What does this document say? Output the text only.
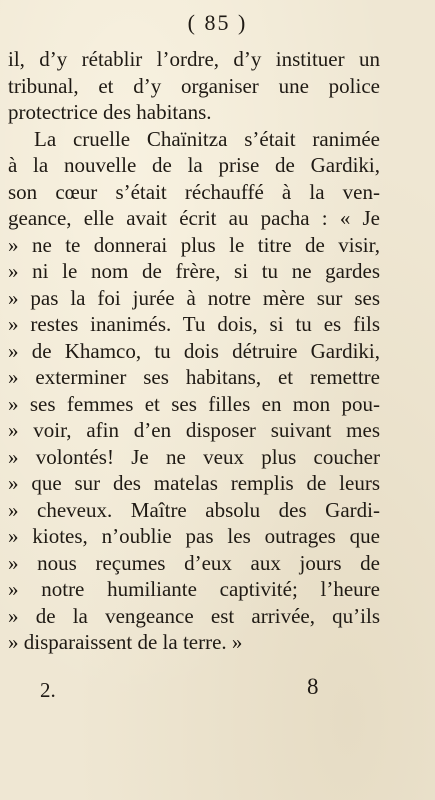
( 85 )
il, d’y rétablir l’ordre, d’y instituer un
tribunal, et d’y organiser une police
protectrice des habitans.
La cruelle Chaïnitza s’était ranimée
à la nouvelle de la prise de Gardiki,
son cœur s’était réchauffé à la ven-
geance, elle avait écrit au pacha : « Je
» ne te donnerai plus le titre de visir,
» ni le nom de frère, si tu ne gardes
» pas la foi jurée à notre mère sur ses
» restes inanimés. Tu dois, si tu es fils
» de Khamco, tu dois détruire Gardiki,
» exterminer ses habitans, et remettre
» ses femmes et ses filles en mon pou-
» voir, afin d’en disposer suivant mes
» volontés! Je ne veux plus coucher
» que sur des matelas remplis de leurs
» cheveux. Maître absolu des Gardi-
» kiotes, n’oublie pas les outrages que
» nous reçumes d’eux aux jours de
» notre humiliante captivité; l’heure
» de la vengeance est arrivée, qu’ils
» disparaissent de la terre. »
2.	8
